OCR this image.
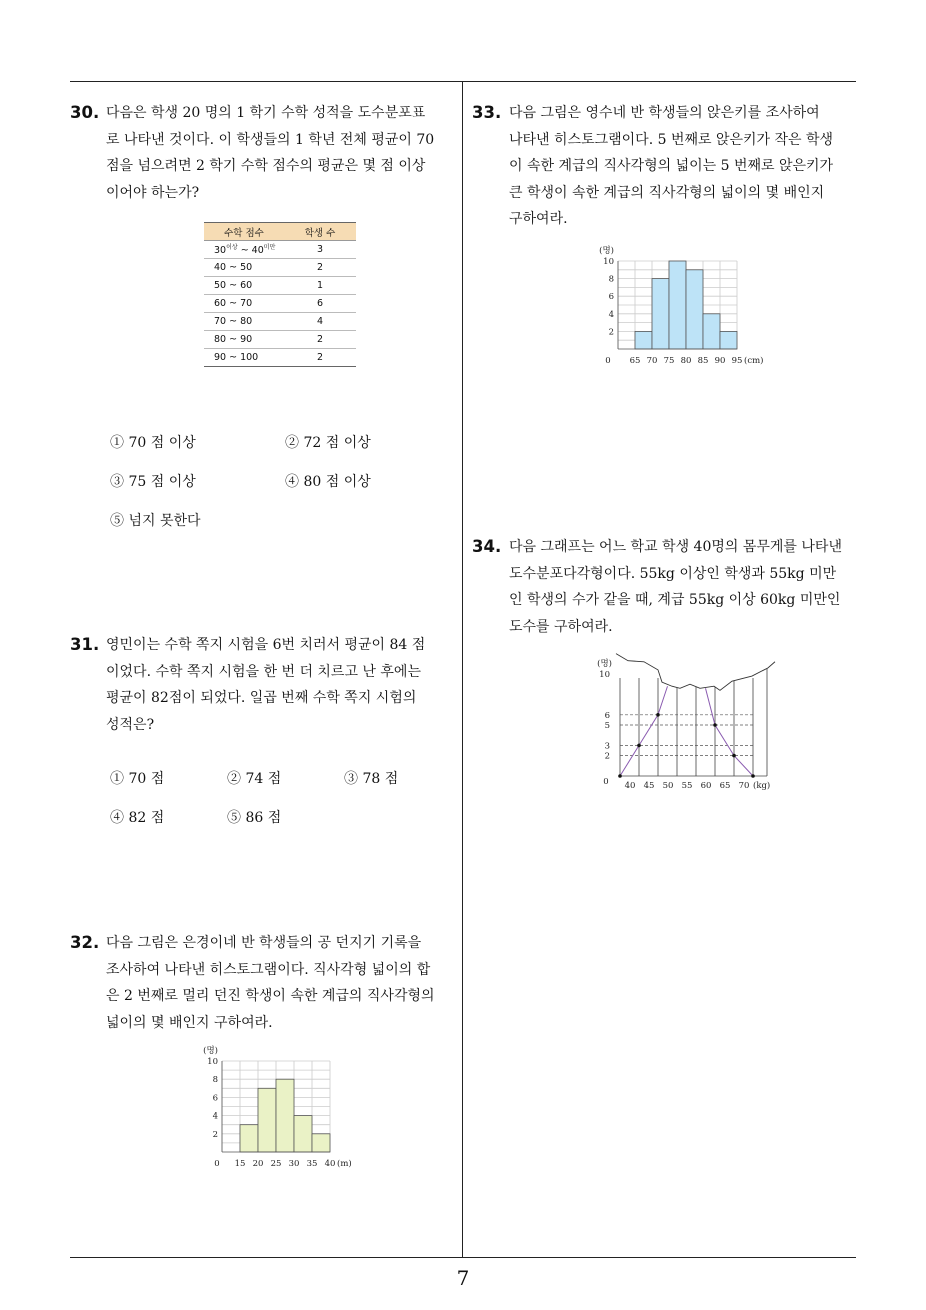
7
30. 다음은 학생 20 명의 1 학기 수학 성적을 도수분포표
로 나타낸 것이다. 이 학생들의 1 학년 전체 평균이 70
점을 넘으려면 2 학기 수학 점수의 평균은 몇 점 이상
이어야 하는가?
수학 점수	학생 수
$30^{이상}$ ~ $40^{미만}$	3
40 ~ 50	2
50 ~ 60	1
60 ~ 70	6
70 ~ 80	4
80 ~ 90	2
90 ~ 100	2
① 70 점 이상	② 72 점 이상
③ 75 점 이상	④ 80 점 이상
⑤ 넘지 못한다
31. 영민이는 수학 쪽지 시험을 6번 치러서 평균이 84 점
이었다. 수학 쪽지 시험을 한 번 더 치르고 난 후에는
평균이 82점이 되었다. 일곱 번째 수학 쪽지 시험의
성적은?
① 70 점	② 74 점	③ 78 점
④ 82 점	⑤ 86 점
32. 다음 그림은 은경이네 반 학생들의 공 던지기 기록을
조사하여 나타낸 히스토그램이다. 직사각형 넓이의 합
은 2 번째로 멀리 던진 학생이 속한 계급의 직사각형의
넓이의 몇 배인지 구하여라.
2
4
6
8
10
(명)
0 15 20 25 30 35 40 (m)
33. 다음 그림은 영수네 반 학생들의 앉은키를 조사하여
나타낸 히스토그램이다. 5 번째로 앉은키가 작은 학생
이 속한 계급의 직사각형의 넓이는 5 번째로 앉은키가
큰 학생이 속한 계급의 직사각형의 넓이의 몇 배인지
구하여라.
2
4
6
8
10
(명)
0 65 70 75 80 85 90 95 (cm)
34. 다음 그래프는 어느 학교 학생 40명의 몸무게를 나타낸
도수분포다각형이다. 55kg 이상인 학생과 55kg 미만
인 학생의 수가 같을 때, 계급 55kg 이상 60kg 미만인
도수를 구하여라.
2
3
5
6
10
(명)
0 40 45 50 55 60 65 70 (kg)
